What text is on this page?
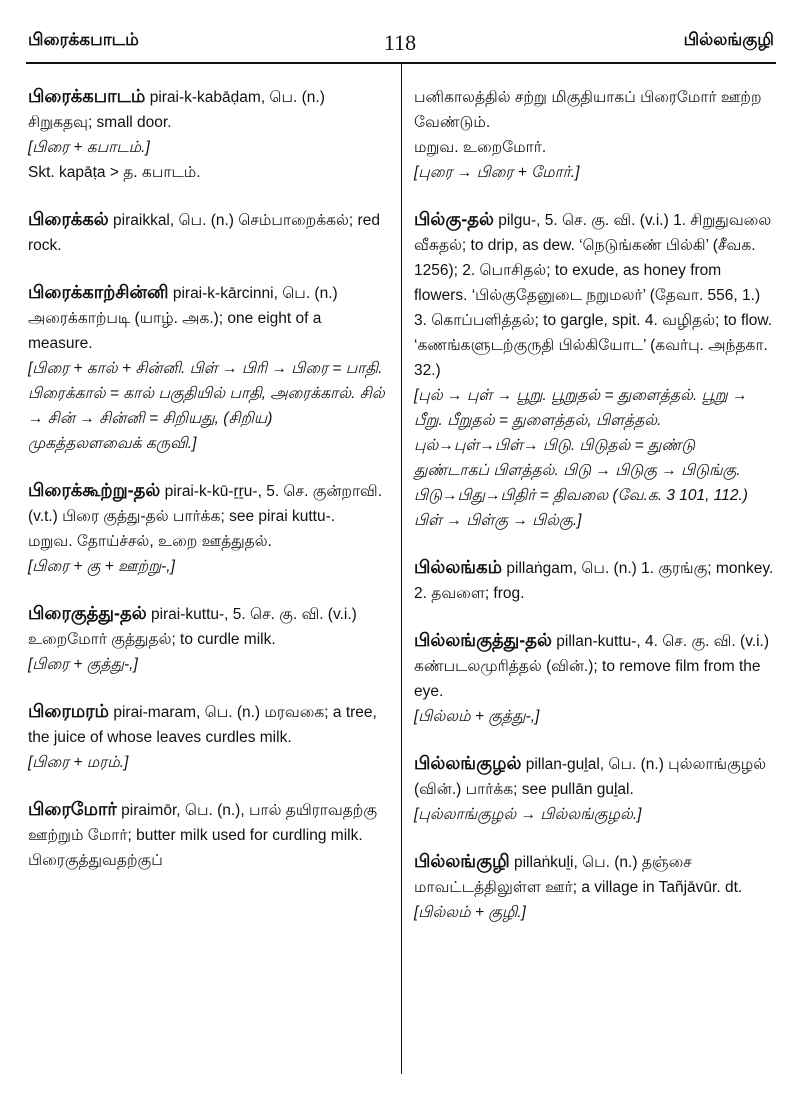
பிரைக்கபாடம்	118	பில்லங்குழி

பிரைக்கபாடம் pirai-k-kabāḍam, பெ. (n.) சிறுகதவு; small door.

[பிரை + கபாடம்.]

Skt. kapāṭa > த. கபாடம்.

பிரைக்கல் piraikkal, பெ. (n.) செம்பாறைக்கல்; red rock.

பிரைக்காற்சின்னி pirai-k-kārcinni, பெ. (n.) அரைக்காற்படி (யாழ். அக.); one eight of a measure.

[பிரை + கால் + சின்னி. பிள் → பிரி → பிரை = பாதி. பிரைக்கால் = கால் பகுதியில் பாதி, அரைக்கால். சில் → சின் → சின்னி = சிறியது, (சிறிய) முகத்தலளவைக் கருவி.]

பிரைக்கூற்று-தல் pirai-k-kū-ṟṟu-, 5. செ. குன்றாவி. (v.t.) பிரை குத்து-தல் பார்க்க; see pirai kuttu-.

மறுவ. தோய்ச்சல், உறை ஊத்துதல்.

[பிரை + கு + ஊற்று-,]

பிரைகுத்து-தல் pirai-kuttu-, 5. செ. கு. வி. (v.i.) உறைமோர் குத்துதல்; to curdle milk.

[பிரை + குத்து-,]

பிரைமரம் pirai-maram, பெ. (n.) மரவகை; a tree, the juice of whose leaves curdles milk.

[பிரை + மரம்.]

பிரைமோர் piraimōr, பெ. (n.), பால் தயிராவதற்கு ஊற்றும் மோர்; butter milk used for curdling milk. பிரைகுத்துவதற்குப்

பனிகாலத்தில் சற்று மிகுதியாகப் பிரைமோர் ஊற்ற வேண்டும்.

மறுவ. உறைமோர்.

[புரை → பிரை + மோர்.]

பில்கு-தல் pilgu-, 5. செ. கு. வி. (v.i.) 1. சிறுதுவலை வீசுதல்; to drip, as dew. ‘நெடுங்கண் பில்கி’ (சீவக. 1256); 2. பொசிதல்; to exude, as honey from flowers. ‘பில்குதேனுடை நறுமலர்’ (தேவா. 556, 1.) 3. கொப்பளித்தல்; to gargle, spit. 4. வழிதல்; to flow. ‘கணங்களுடற்குருதி பில்கியோட’ (கவர்பு. அந்தகா. 32.)

[புல் → புள் → பூறு. பூறுதல் = துளைத்தல். பூறு → பீறு. பீறுதல் = துளைத்தல், பிளத்தல். புல்→புள்→பிள்→ பிடு. பிடுதல் = துண்டு துண்டாகப் பிளத்தல். பிடு → பிடுகு → பிடுங்கு. பிடு→பிது→பிதிர் = திவலை (வே.க. 3 101, 112.) பிள் → பிள்கு → பில்கு.]

பில்லங்கம் pillaṅgam, பெ. (n.) 1. குரங்கு; monkey. 2. தவளை; frog.

பில்லங்குத்து-தல் pillan-kuttu-, 4. செ. கு. வி. (v.i.) கண்படலமுரித்தல் (வின்.); to remove film from the eye.

[பில்லம் + குத்து-,]

பில்லங்குழல் pillan-guḻal, பெ. (n.) புல்லாங்குழல் (வின்.) பார்க்க; see pullān guḻal.

[புல்லாங்குழல் → பில்லங்குழல்.]

பில்லங்குழி pillaṅkuḻi, பெ. (n.) தஞ்சை மாவட்டத்திலுள்ள ஊர்; a village in Tañjāvūr. dt.

[பில்லம் + குழி.]
